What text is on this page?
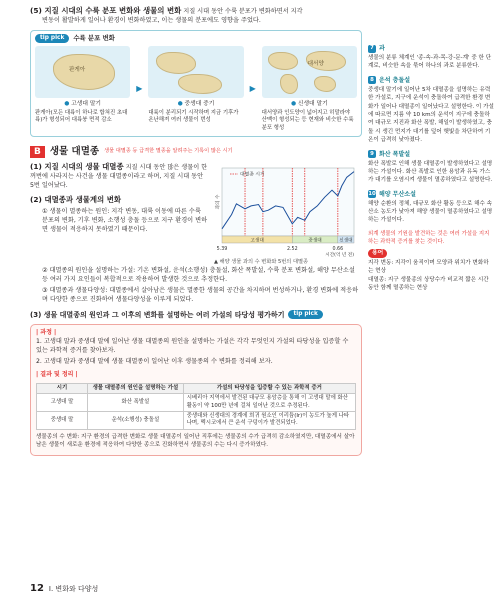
(5) 지질 시대의 수륙 분포 변화와 생물의 변화 지질 시대 동안 수륙 분포가 변화하면서 지각
변동이 활발하게 일어나 환경이 변화하였고, 이는 생물의 분포에도 영향을 주었다.

tip pick	수륙 분포 변화
판게아
● 고생대 말기
판게아(모든 대륙이 하나로 합쳐진 초대륙)가 형성되어 대륙붕 면적 감소
▶
● 중생대 중기
대륙이 분리되기 시작하며 지금 기후가 온난해져 여러 생물이 번성
▶
대서양
● 신생대 말기
대서양과 인도양이 넓어지고 히말라야 산맥이 형성되는 등 현재와 비슷한 수륙 분포 형성
B 생물 대멸종 생물 대멸종 등 급격한 멸종을 알려주는 기록이 많은 시기

(1) 지질 시대의 생물 대멸종 지질 시대 동안 많은 생물이 한꺼번에 사라지는 사건을 생물 대멸종이라고 하며, 지질 시대 동안 5번 일어났다.

(2) 대멸종과 생물계의 변화

① 생물이 멸종하는 원인: 지각 변동, 대륙 이동에 따른 수륙 분포의 변화, 기후 변화, 소행성 충돌 등으로 지구 환경이 변하면 생물이 적응하지 못하였기 때문이다.

고생대	중생대	신생대
5.39	2.52	0.66
시간(억 년 전)
과의 수
대멸종 시기
▲ 해양 생물 과의 수 변화와 5번의 대멸종

② 대멸종의 원인을 설명하는 가설: 기온 변화설, 운석(소행성) 충돌설, 화산 폭발설, 수륙 분포 변화설, 해양 무산소설 등 여러 가지 요인들이 복합적으로 작용하여 발생한 것으로 추정한다.

③ 대멸종과 생물다양성: 대멸종에서 살아남은 생물은 멸종한 생물의 공간을 차지하며 번성하거나, 환경 변화에 적응하며 다양한 종으로 진화하여 생물다양성을 이루게 되었다.

(3) 생물 대멸종의 원인과 그 이후의 변화를 설명하는 여러 가설의 타당성 평가하기	tip pick
| 과정 |

1. 고생대 말과 중생대 말에 일어난 생물 대멸종의 원인을 설명하는 가설은 각각 무엇인지 가설의 타당성을 입증할 수 있는 과학적 증거를 찾아보자.

2. 고생대 말과 중생대 말에 생물 대멸종이 일어난 이후 생물종의 수 변화를 정리해 보자.

| 결과 및 정리 |
시기	생물 대멸종의 원인을 설명하는 가설	가설의 타당성을 입증할 수 있는 과학적 증거
고생대 말	화산 폭발설	시베리아 지역에서 발견된 대규모 용암층을 통해 이 고생대 말에 화산 활동이 약 100만 년에 걸쳐 일어난 것으로 추정된다.
중생대 말	운석(소행성) 충돌설	중생대와 신생대의 경계에 희귀 원소인 이리듐(Ir)이 농도가 높게 나타나며, 멕시코에서 큰 운석 구덩이가 발견되었다.

생물종의 수 변화: 지구 환경의 급격한 변화로 생물 대멸종이 일어난 직후에는 생물종의 수가 급격히 감소하였지만, 대멸종에서 살아남은 생물이 새로운 환경에 적응하여 다양한 종으로 진화하면서 생물종의 수는 다시 증가하였다.

7 과
생물의 분류 체계인 '종-속-과-목-강-문-계' 중 한 단계로, 비슷한 속을 묶어 하나의 과로 분류한다.
8 운석 충돌설
중생대 말기에 일어난 5차 대멸종을 설명하는 유력한 가설로, 지구에 운석이 충돌하여 급격한 환경 변화가 일어나 대멸종이 일어났다고 설명한다. 이 가설에 따르면 지름 약 10 km의 운석이 지구에 충돌하여 대규모 지진과 화산 폭발, 해일이 발생하였고, 충돌 시 생긴 먼지가 대기를 덮어 햇빛을 차단하여 기온이 급격히 낮아졌다.
9 화산 폭발설
화산 폭발로 인해 생물 대멸종이 발생하였다고 설명하는 가설이다. 화산 폭발로 인한 용암과 유독 가스가 대기를 오염시켜 생물이 멸종하였다고 설명한다.
10 해양 무산소설
해양 순환의 정체, 대규모 화산 활동 등으로 해수 속 산소 농도가 낮아져 해양 생물이 멸종하였다고 설명하는 가설이다.
외계 생물의 기원을 발견하는 것은 여러 가설을 지지하는 과학적 증거를 찾는 것이다.
용어
지각 변동: 지각이 움직이며 모양과 위치가 변화하는 현상
대멸종: 지구 생물종의 상당수가 비교적 짧은 시간 동안 함께 멸종하는 현상
12 Ⅰ. 변화와 다양성
